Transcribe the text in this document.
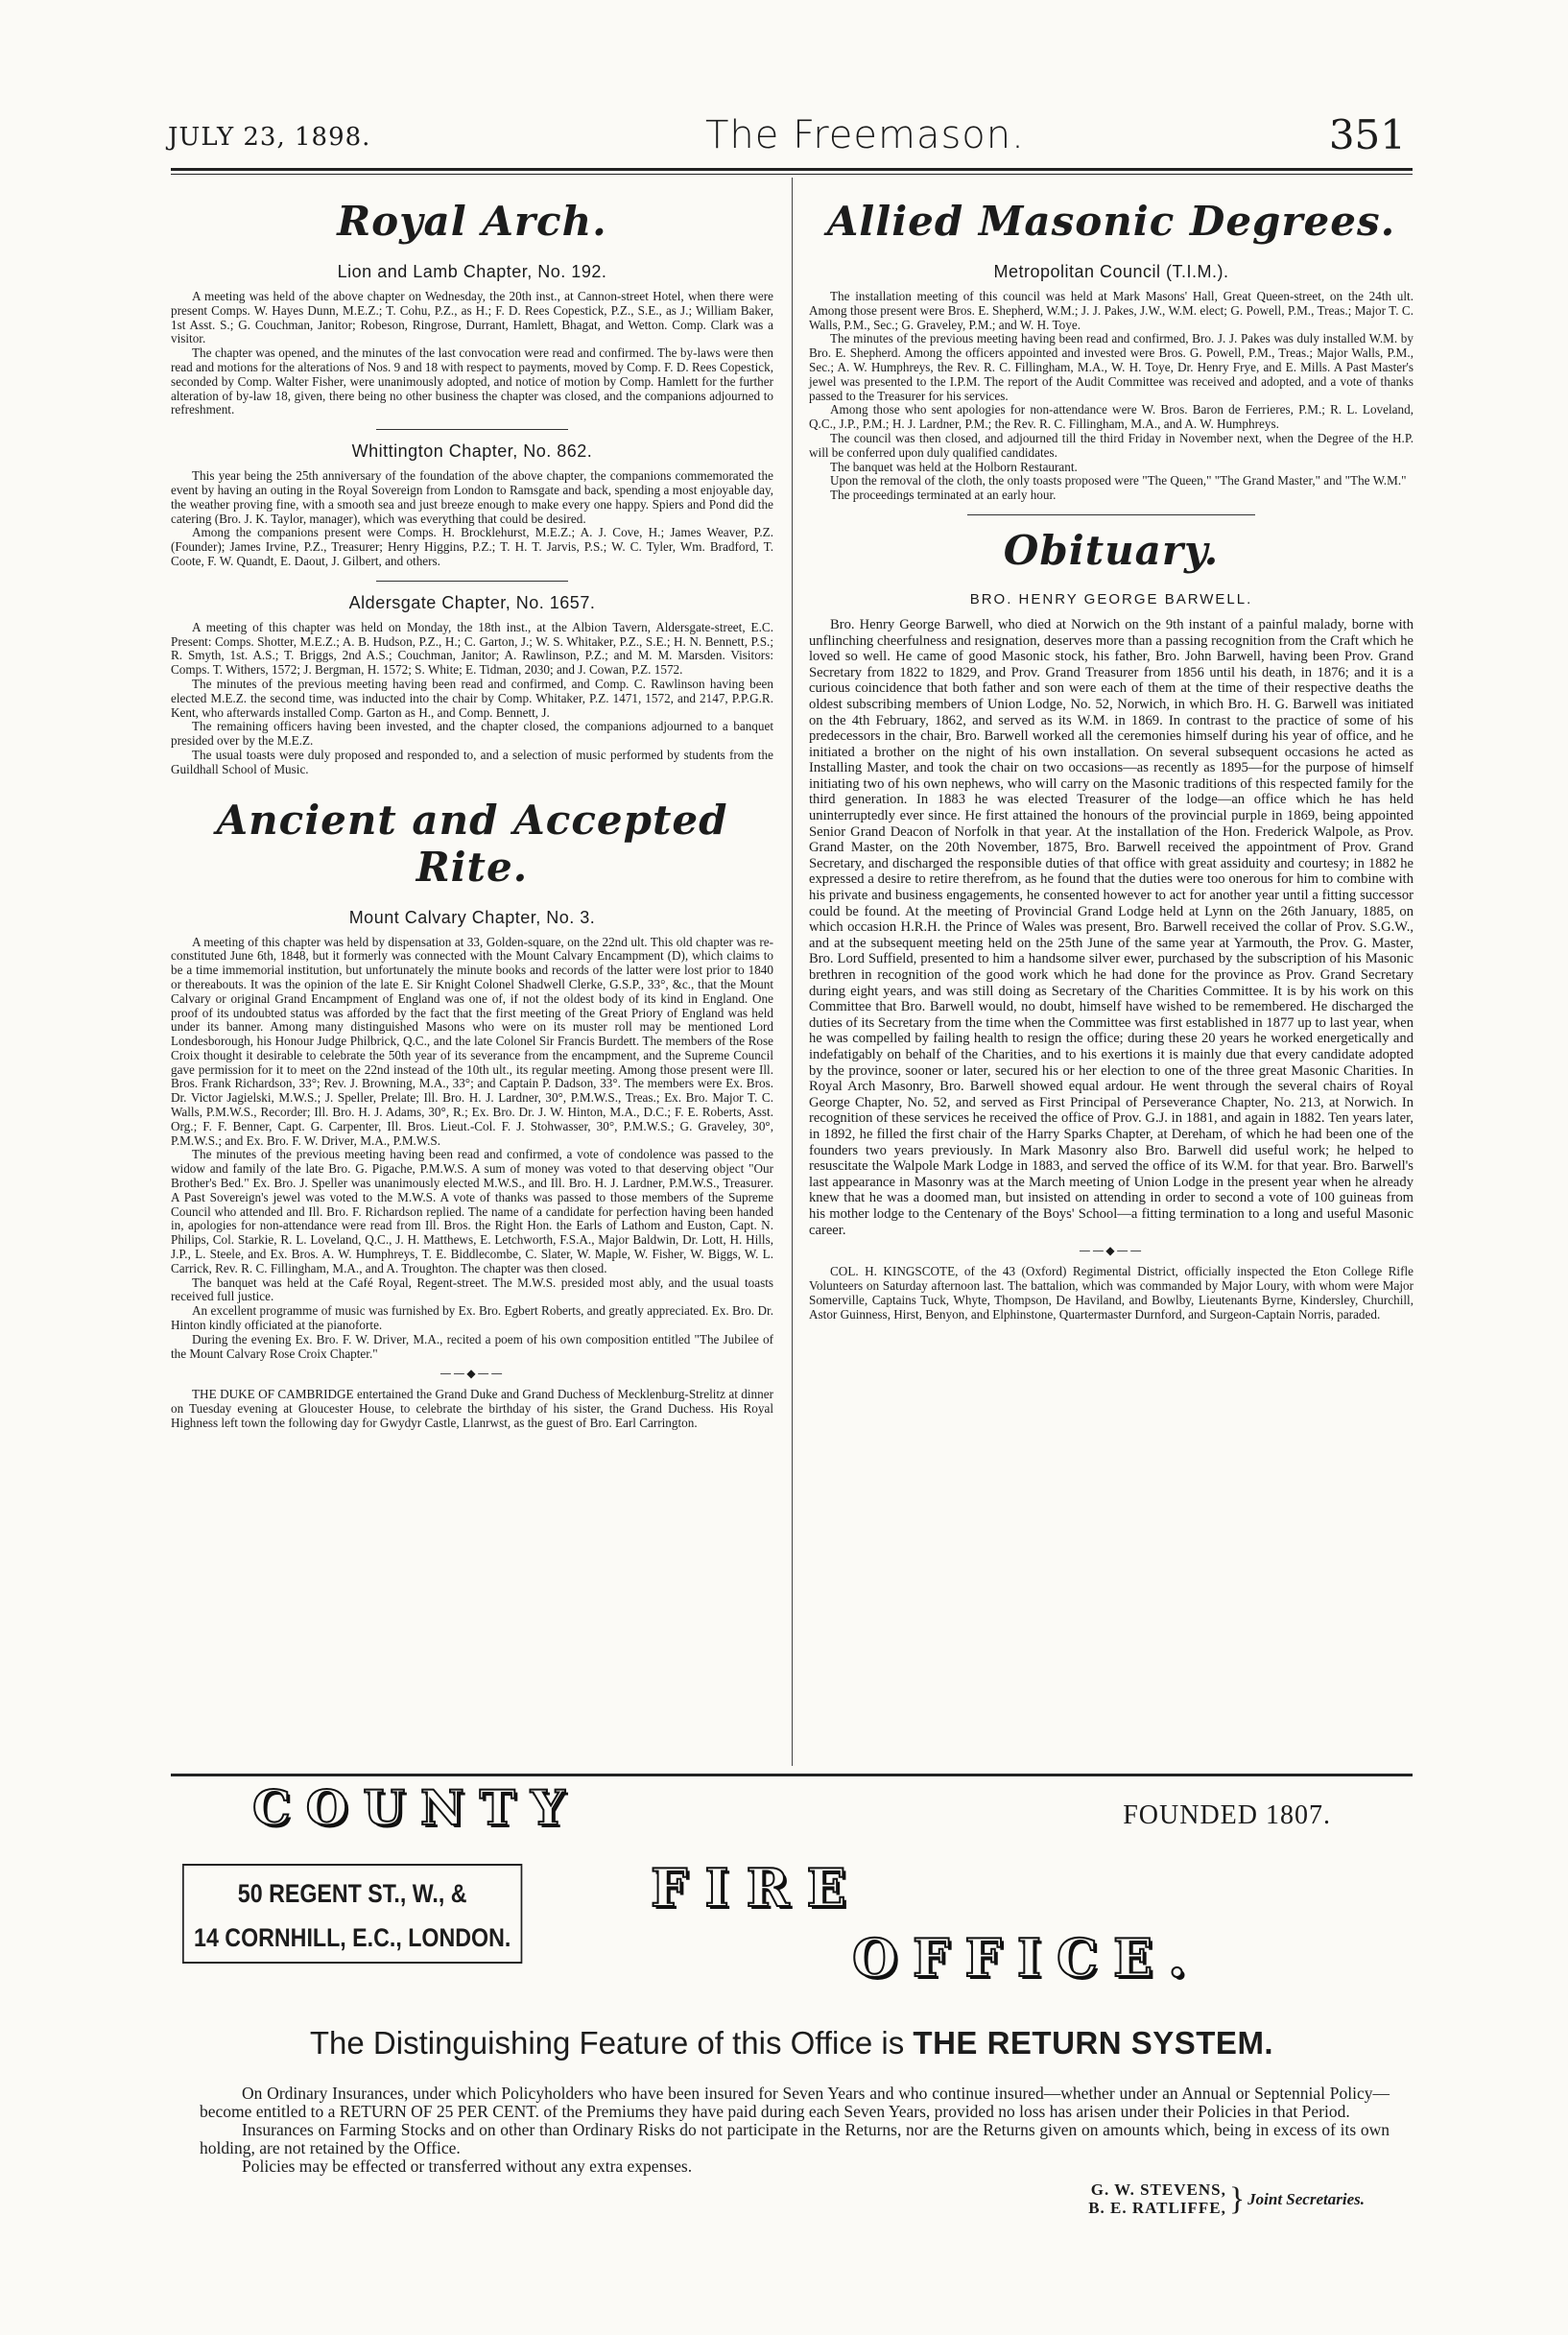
JULY 23, 1898.	The Freemason.	351
Royal Arch.
Lion and Lamb Chapter, No. 192.

A meeting was held of the above chapter on Wednesday, the 20th inst., at Cannon-street Hotel, when there were present Comps. W. Hayes Dunn, M.E.Z.; T. Cohu, P.Z., as H.; F. D. Rees Copestick, P.Z., S.E., as J.; William Baker, 1st Asst. S.; G. Couchman, Janitor; Robeson, Ringrose, Durrant, Hamlett, Bhagat, and Wetton. Comp. Clark was a visitor.

The chapter was opened, and the minutes of the last convocation were read and confirmed. The by-laws were then read and motions for the alterations of Nos. 9 and 18 with respect to payments, moved by Comp. F. D. Rees Copestick, seconded by Comp. Walter Fisher, were unanimously adopted, and notice of motion by Comp. Hamlett for the further alteration of by-law 18, given, there being no other business the chapter was closed, and the companions adjourned to refreshment.

Whittington Chapter, No. 862.

This year being the 25th anniversary of the foundation of the above chapter, the companions commemorated the event by having an outing in the Royal Sovereign from London to Ramsgate and back, spending a most enjoyable day, the weather proving fine, with a smooth sea and just breeze enough to make every one happy. Spiers and Pond did the catering (Bro. J. K. Taylor, manager), which was everything that could be desired.

Among the companions present were Comps. H. Brocklehurst, M.E.Z.; A. J. Cove, H.; James Weaver, P.Z. (Founder); James Irvine, P.Z., Treasurer; Henry Higgins, P.Z.; T. H. T. Jarvis, P.S.; W. C. Tyler, Wm. Bradford, T. Coote, F. W. Quandt, E. Daout, J. Gilbert, and others.

Aldersgate Chapter, No. 1657.

A meeting of this chapter was held on Monday, the 18th inst., at the Albion Tavern, Aldersgate-street, E.C. Present: Comps. Shotter, M.E.Z.; A. B. Hudson, P.Z., H.; C. Garton, J.; W. S. Whitaker, P.Z., S.E.; H. N. Bennett, P.S.; R. Smyth, 1st. A.S.; T. Briggs, 2nd A.S.; Couchman, Janitor; A. Rawlinson, P.Z.; and M. M. Marsden. Visitors: Comps. T. Withers, 1572; J. Bergman, H. 1572; S. White; E. Tidman, 2030; and J. Cowan, P.Z. 1572.

The minutes of the previous meeting having been read and confirmed, and Comp. C. Rawlinson having been elected M.E.Z. the second time, was inducted into the chair by Comp. Whitaker, P.Z. 1471, 1572, and 2147, P.P.G.R. Kent, who afterwards installed Comp. Garton as H., and Comp. Bennett, J.

The remaining officers having been invested, and the chapter closed, the companions adjourned to a banquet presided over by the M.E.Z.

The usual toasts were duly proposed and responded to, and a selection of music performed by students from the Guildhall School of Music.

Ancient and Accepted Rite.
Mount Calvary Chapter, No. 3.

A meeting of this chapter was held by dispensation at 33, Golden-square, on the 22nd ult. This old chapter was re-constituted June 6th, 1848, but it formerly was connected with the Mount Calvary Encampment (D), which claims to be a time immemorial institution, but unfortunately the minute books and records of the latter were lost prior to 1840 or thereabouts. It was the opinion of the late E. Sir Knight Colonel Shadwell Clerke, G.S.P., 33°, &c., that the Mount Calvary or original Grand Encampment of England was one of, if not the oldest body of its kind in England. One proof of its undoubted status was afforded by the fact that the first meeting of the Great Priory of England was held under its banner. Among many distinguished Masons who were on its muster roll may be mentioned Lord Londesborough, his Honour Judge Philbrick, Q.C., and the late Colonel Sir Francis Burdett. The members of the Rose Croix thought it desirable to celebrate the 50th year of its severance from the encampment, and the Supreme Council gave permission for it to meet on the 22nd instead of the 10th ult., its regular meeting. Among those present were Ill. Bros. Frank Richardson, 33°; Rev. J. Browning, M.A., 33°; and Captain P. Dadson, 33°. The members were Ex. Bros. Dr. Victor Jagielski, M.W.S.; J. Speller, Prelate; Ill. Bro. H. J. Lardner, 30°, P.M.W.S., Treas.; Ex. Bro. Major T. C. Walls, P.M.W.S., Recorder; Ill. Bro. H. J. Adams, 30°, R.; Ex. Bro. Dr. J. W. Hinton, M.A., D.C.; F. E. Roberts, Asst. Org.; F. F. Benner, Capt. G. Carpenter, Ill. Bros. Lieut.-Col. F. J. Stohwasser, 30°, P.M.W.S.; G. Graveley, 30°, P.M.W.S.; and Ex. Bro. F. W. Driver, M.A., P.M.W.S.

The minutes of the previous meeting having been read and confirmed, a vote of condolence was passed to the widow and family of the late Bro. G. Pigache, P.M.W.S. A sum of money was voted to that deserving object "Our Brother's Bed." Ex. Bro. J. Speller was unanimously elected M.W.S., and Ill. Bro. H. J. Lardner, P.M.W.S., Treasurer. A Past Sovereign's jewel was voted to the M.W.S. A vote of thanks was passed to those members of the Supreme Council who attended and Ill. Bro. F. Richardson replied. The name of a candidate for perfection having been handed in, apologies for non-attendance were read from Ill. Bros. the Right Hon. the Earls of Lathom and Euston, Capt. N. Philips, Col. Starkie, R. L. Loveland, Q.C., J. H. Matthews, E. Letchworth, F.S.A., Major Baldwin, Dr. Lott, H. Hills, J.P., L. Steele, and Ex. Bros. A. W. Humphreys, T. E. Biddlecombe, C. Slater, W. Maple, W. Fisher, W. Biggs, W. L. Carrick, Rev. R. C. Fillingham, M.A., and A. Troughton. The chapter was then closed.

The banquet was held at the Café Royal, Regent-street. The M.W.S. presided most ably, and the usual toasts received full justice.

An excellent programme of music was furnished by Ex. Bro. Egbert Roberts, and greatly appreciated. Ex. Bro. Dr. Hinton kindly officiated at the pianoforte.

During the evening Ex. Bro. F. W. Driver, M.A., recited a poem of his own composition entitled "The Jubilee of the Mount Calvary Rose Croix Chapter."

——◆——

THE DUKE OF CAMBRIDGE entertained the Grand Duke and Grand Duchess of Mecklenburg-Strelitz at dinner on Tuesday evening at Gloucester House, to celebrate the birthday of his sister, the Grand Duchess. His Royal Highness left town the following day for Gwydyr Castle, Llanrwst, as the guest of Bro. Earl Carrington.

Allied Masonic Degrees.
Metropolitan Council (T.I.M.).

The installation meeting of this council was held at Mark Masons' Hall, Great Queen-street, on the 24th ult. Among those present were Bros. E. Shepherd, W.M.; J. J. Pakes, J.W., W.M. elect; G. Powell, P.M., Treas.; Major T. C. Walls, P.M., Sec.; G. Graveley, P.M.; and W. H. Toye.

The minutes of the previous meeting having been read and confirmed, Bro. J. J. Pakes was duly installed W.M. by Bro. E. Shepherd. Among the officers appointed and invested were Bros. G. Powell, P.M., Treas.; Major Walls, P.M., Sec.; A. W. Humphreys, the Rev. R. C. Fillingham, M.A., W. H. Toye, Dr. Henry Frye, and E. Mills. A Past Master's jewel was presented to the I.P.M. The report of the Audit Committee was received and adopted, and a vote of thanks passed to the Treasurer for his services.

Among those who sent apologies for non-attendance were W. Bros. Baron de Ferrieres, P.M.; R. L. Loveland, Q.C., J.P., P.M.; H. J. Lardner, P.M.; the Rev. R. C. Fillingham, M.A., and A. W. Humphreys.

The council was then closed, and adjourned till the third Friday in November next, when the Degree of the H.P. will be conferred upon duly qualified candidates.

The banquet was held at the Holborn Restaurant.

Upon the removal of the cloth, the only toasts proposed were "The Queen," "The Grand Master," and "The W.M."

The proceedings terminated at an early hour.

Obituary.
BRO. HENRY GEORGE BARWELL.

Bro. Henry George Barwell, who died at Norwich on the 9th instant of a painful malady, borne with unflinching cheerfulness and resignation, deserves more than a passing recognition from the Craft which he loved so well. He came of good Masonic stock, his father, Bro. John Barwell, having been Prov. Grand Secretary from 1822 to 1829, and Prov. Grand Treasurer from 1856 until his death, in 1876; and it is a curious coincidence that both father and son were each of them at the time of their respective deaths the oldest subscribing members of Union Lodge, No. 52, Norwich, in which Bro. H. G. Barwell was initiated on the 4th February, 1862, and served as its W.M. in 1869. In contrast to the practice of some of his predecessors in the chair, Bro. Barwell worked all the ceremonies himself during his year of office, and he initiated a brother on the night of his own installation. On several subsequent occasions he acted as Installing Master, and took the chair on two occasions—as recently as 1895—for the purpose of himself initiating two of his own nephews, who will carry on the Masonic traditions of this respected family for the third generation. In 1883 he was elected Treasurer of the lodge—an office which he has held uninterruptedly ever since. He first attained the honours of the provincial purple in 1869, being appointed Senior Grand Deacon of Norfolk in that year. At the installation of the Hon. Frederick Walpole, as Prov. Grand Master, on the 20th November, 1875, Bro. Barwell received the appointment of Prov. Grand Secretary, and discharged the responsible duties of that office with great assiduity and courtesy; in 1882 he expressed a desire to retire therefrom, as he found that the duties were too onerous for him to combine with his private and business engagements, he consented however to act for another year until a fitting successor could be found. At the meeting of Provincial Grand Lodge held at Lynn on the 26th January, 1885, on which occasion H.R.H. the Prince of Wales was present, Bro. Barwell received the collar of Prov. S.G.W., and at the subsequent meeting held on the 25th June of the same year at Yarmouth, the Prov. G. Master, Bro. Lord Suffield, presented to him a handsome silver ewer, purchased by the subscription of his Masonic brethren in recognition of the good work which he had done for the province as Prov. Grand Secretary during eight years, and was still doing as Secretary of the Charities Committee. It is by his work on this Committee that Bro. Barwell would, no doubt, himself have wished to be remembered. He discharged the duties of its Secretary from the time when the Committee was first established in 1877 up to last year, when he was compelled by failing health to resign the office; during these 20 years he worked energetically and indefatigably on behalf of the Charities, and to his exertions it is mainly due that every candidate adopted by the province, sooner or later, secured his or her election to one of the three great Masonic Charities. In Royal Arch Masonry, Bro. Barwell showed equal ardour. He went through the several chairs of Royal George Chapter, No. 52, and served as First Principal of Perseverance Chapter, No. 213, at Norwich. In recognition of these services he received the office of Prov. G.J. in 1881, and again in 1882. Ten years later, in 1892, he filled the first chair of the Harry Sparks Chapter, at Dereham, of which he had been one of the founders two years previously. In Mark Masonry also Bro. Barwell did useful work; he helped to resuscitate the Walpole Mark Lodge in 1883, and served the office of its W.M. for that year. Bro. Barwell's last appearance in Masonry was at the March meeting of Union Lodge in the present year when he already knew that he was a doomed man, but insisted on attending in order to second a vote of 100 guineas from his mother lodge to the Centenary of the Boys' School—a fitting termination to a long and useful Masonic career.

——◆——

COL. H. KINGSCOTE, of the 43 (Oxford) Regimental District, officially inspected the Eton College Rifle Volunteers on Saturday afternoon last. The battalion, which was commanded by Major Loury, with whom were Major Somerville, Captains Tuck, Whyte, Thompson, De Haviland, and Bowlby, Lieutenants Byrne, Kindersley, Churchill, Astor Guinness, Hirst, Benyon, and Elphinstone, Quartermaster Durnford, and Surgeon-Captain Norris, paraded.

COUNTY	FOUNDED 1807.
50 REGENT ST., W., &
14 CORNHILL, E.C., LONDON.
FIRE
OFFICE.
The Distinguishing Feature of this Office is THE RETURN SYSTEM.

On Ordinary Insurances, under which Policyholders who have been insured for Seven Years and who continue insured—whether under an Annual or Septennial Policy—become entitled to a RETURN OF 25 PER CENT. of the Premiums they have paid during each Seven Years, provided no loss has arisen under their Policies in that Period.

Insurances on Farming Stocks and on other than Ordinary Risks do not participate in the Returns, nor are the Returns given on amounts which, being in excess of its own holding, are not retained by the Office.

Policies may be effected or transferred without any extra expenses.

G. W. STEVENS,
B. E. RATLIFFE,} Joint Secretaries.
